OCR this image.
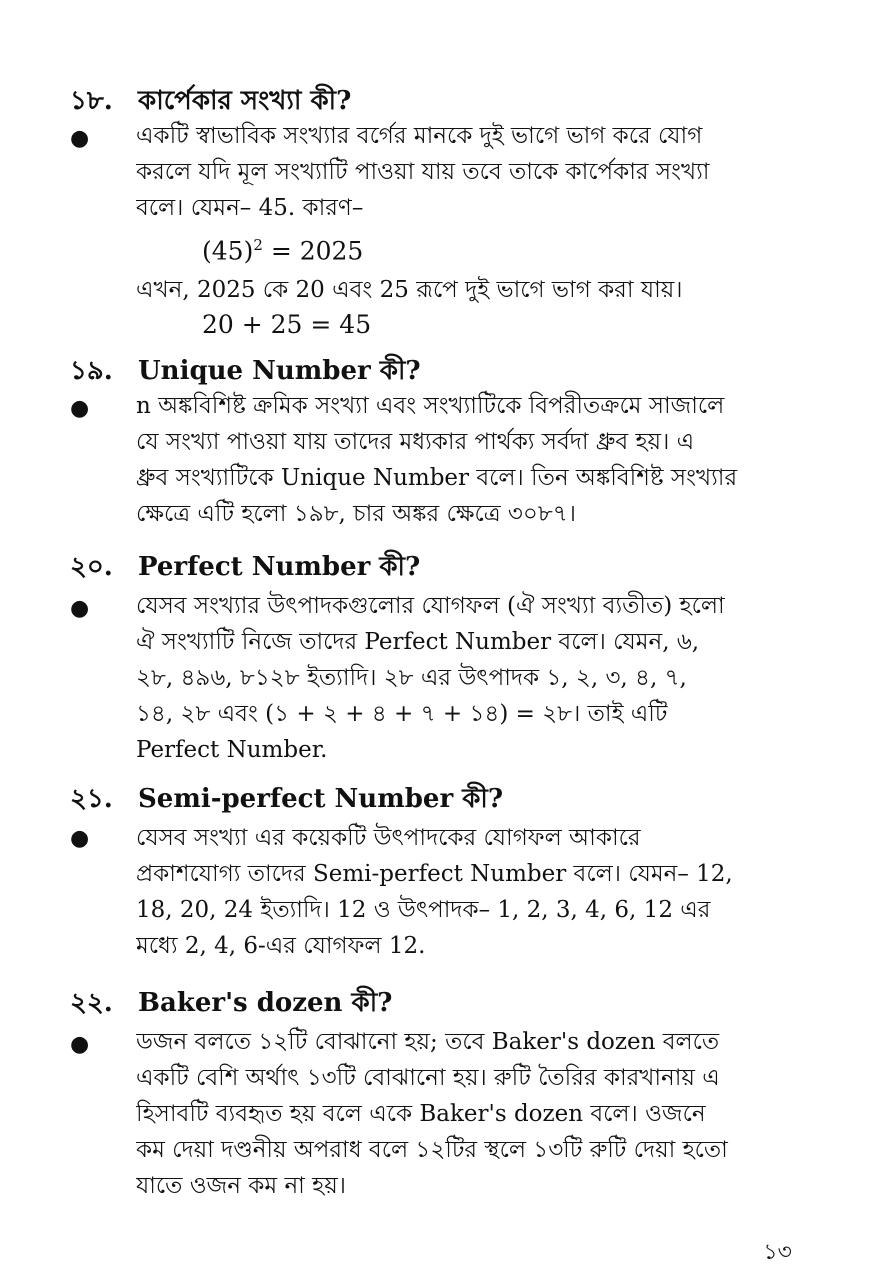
১৮. কার্পেকার সংখ্যা কী?
● একটি স্বাভাবিক সংখ্যার বর্গের মানকে দুই ভাগে ভাগ করে যোগ
করলে যদি মূল সংখ্যাটি পাওয়া যায় তবে তাকে কার্পেকার সংখ্যা
বলে। যেমন– 45. কারণ–
$(45)^2 = 2025$
এখন, 2025 কে 20 এবং 25 রূপে দুই ভাগে ভাগ করা যায়।
20 + 25 = 45
১৯. Unique Number কী?
● n অঙ্কবিশিষ্ট ক্রমিক সংখ্যা এবং সংখ্যাটিকে বিপরীতক্রমে সাজালে
যে সংখ্যা পাওয়া যায় তাদের মধ্যকার পার্থক্য সর্বদা ধ্রুব হয়। এ
ধ্রুব সংখ্যাটিকে Unique Number বলে। তিন অঙ্কবিশিষ্ট সংখ্যার
ক্ষেত্রে এটি হলো ১৯৮, চার অঙ্কর ক্ষেত্রে ৩০৮৭।
২০. Perfect Number কী?
● যেসব সংখ্যার উৎপাদকগুলোর যোগফল (ঐ সংখ্যা ব্যতীত) হলো
ঐ সংখ্যাটি নিজে তাদের Perfect Number বলে। যেমন, ৬,
২৮, ৪৯৬, ৮১২৮ ইত্যাদি। ২৮ এর উৎপাদক ১, ২, ৩, ৪, ৭,
১৪, ২৮ এবং (১ + ২ + ৪ + ৭ + ১৪) = ২৮। তাই এটি
Perfect Number.
২১. Semi-perfect Number কী?
● যেসব সংখ্যা এর কয়েকটি উৎপাদকের যোগফল আকারে
প্রকাশযোগ্য তাদের Semi-perfect Number বলে। যেমন– 12,
18, 20, 24 ইত্যাদি। 12 ও উৎপাদক– 1, 2, 3, 4, 6, 12 এর
মধ্যে 2, 4, 6-এর যোগফল 12.
২২. Baker's dozen কী?
● ডজন বলতে ১২টি বোঝানো হয়; তবে Baker's dozen বলতে
একটি বেশি অর্থাৎ ১৩টি বোঝানো হয়। রুটি তৈরির কারখানায় এ
হিসাবটি ব্যবহৃত হয় বলে একে Baker's dozen বলে। ওজনে
কম দেয়া দণ্ডনীয় অপরাধ বলে ১২টির স্থলে ১৩টি রুটি দেয়া হতো
যাতে ওজন কম না হয়।
১৩
